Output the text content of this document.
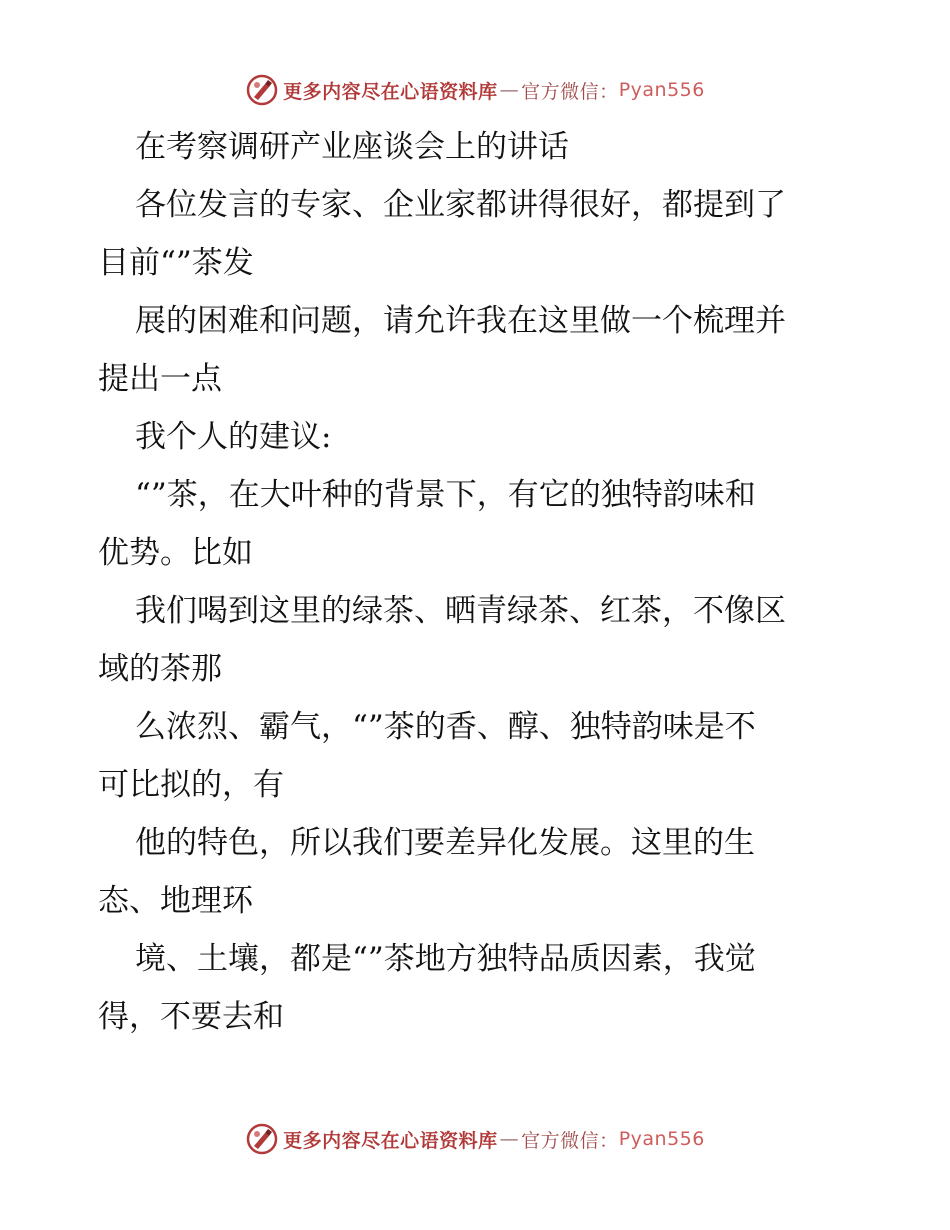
更多内容尽在心语资料库 — 官方微信： Pyan556
在考察调研产业座谈会上的讲话
各位发言的专家、企业家都讲得很好，都提到了
目前“”茶发
展的困难和问题，请允许我在这里做一个梳理并
提出一点
我个人的建议:
“”茶，在大叶种的背景下，有它的独特韵味和
优势。比如
我们喝到这里的绿茶、晒青绿茶、红茶，不像区
域的茶那
么浓烈、霸气，“”茶的香、醇、独特韵味是不
可比拟的，有
他的特色，所以我们要差异化发展。这里的生
态、地理环
境、土壤，都是“”茶地方独特品质因素，我觉
得，不要去和
更多内容尽在心语资料库 — 官方微信： Pyan556
